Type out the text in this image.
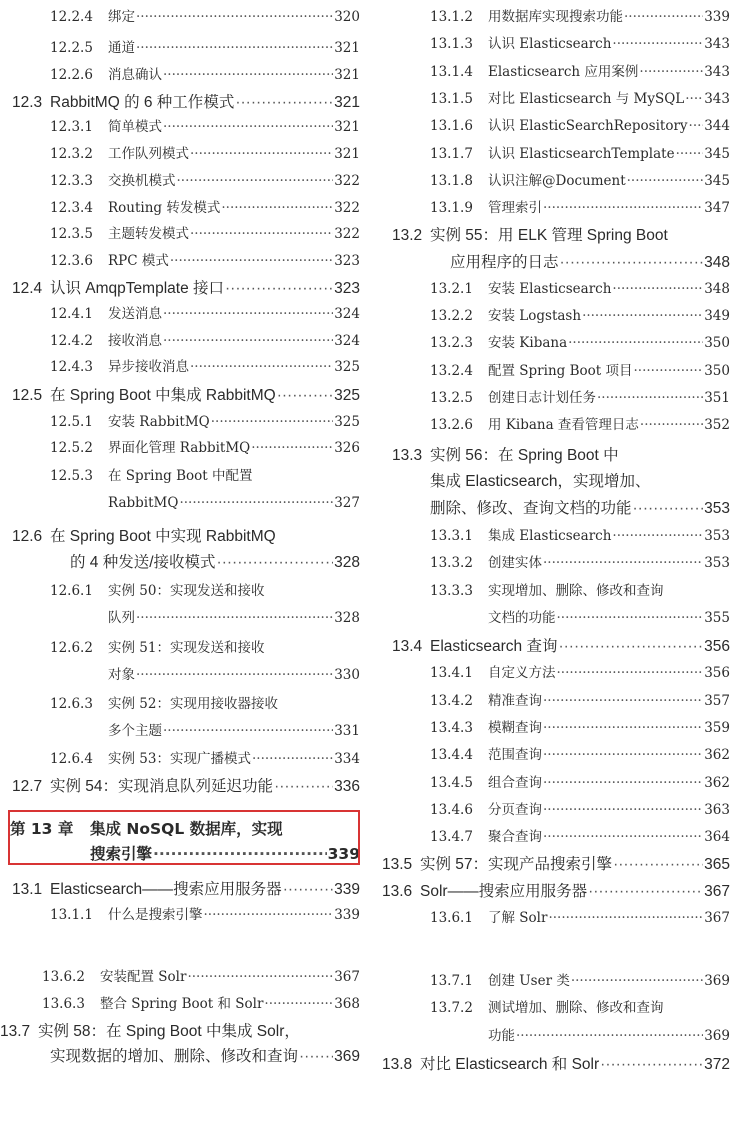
12.2.4	绑定 ·····	320
12.2.5	通道 ·····	321
12.2.6	消息确认 ·····	321
12.3 RabbitMQ 的 6 种工作模式 ·····	321
12.3.1	简单模式 ·····	321
12.3.2	工作队列模式 ·····	321
12.3.3	交换机模式 ·····	322
12.3.4	Routing 转发模式 ·····	322
12.3.5	主题转发模式 ·····	322
12.3.6	RPC 模式 ·····	323
12.4 认识 AmqpTemplate 接口 ·····	323
12.4.1	发送消息 ·····	324
12.4.2	接收消息 ·····	324
12.4.3	异步接收消息 ·····	325
12.5 在 Spring Boot 中集成 RabbitMQ ·····	325
12.5.1	安装 RabbitMQ ·····	325
12.5.2	界面化管理 RabbitMQ ·····	326
12.5.3	在 Spring Boot 中配置
RabbitMQ ·····	327
12.6 在 Spring Boot 中实现 RabbitMQ
的 4 种发送/接收模式 ·····	328
12.6.1	实例 50：实现发送和接收
队列 ·····	328
12.6.2	实例 51：实现发送和接收
对象 ·····	330
12.6.3	实例 52：实现用接收器接收
多个主题 ·····	331
12.6.4	实例 53：实现广播模式 ·····	334
12.7 实例 54：实现消息队列延迟功能 ·····	336
第 13 章	集成 NoSQL 数据库，实现
搜索引擎 ·····	339
13.1 Elasticsearch——搜索应用服务器 ·····	339
13.1.1	什么是搜索引擎 ·····	339
13.6.2	安装配置 Solr ·····	367
13.6.3	整合 Spring Boot 和 Solr ·····	368
13.7 实例 58：在 Sping Boot 中集成 Solr，
实现数据的增加、删除、修改和查询 ····· 369
13.1.2	用数据库实现搜索功能 ·····	339
13.1.3	认识 Elasticsearch ·····	343
13.1.4	Elasticsearch 应用案例 ·····	343
13.1.5	对比 Elasticsearch 与 MySQL ····· 343
13.1.6	认识 ElasticSearchRepository ····· 344
13.1.7	认识 ElasticsearchTemplate ····· 345
13.1.8	认识注解@Document ·····	345
13.1.9	管理索引 ·····	347
13.2 实例 55：用 ELK 管理 Spring Boot
应用程序的日志 ·····	348
13.2.1	安装 Elasticsearch ·····	348
13.2.2	安装 Logstash ·····	349
13.2.3	安装 Kibana ·····	350
13.2.4	配置 Spring Boot 项目 ·····	350
13.2.5	创建日志计划任务 ·····	351
13.2.6	用 Kibana 查看管理日志 ·····	352
13.3 实例 56：在 Spring Boot 中
集成 Elasticsearch，实现增加、
删除、修改、查询文档的功能 ·····	353
13.3.1	集成 Elasticsearch ·····	353
13.3.2	创建实体 ·····	353
13.3.3	实现增加、删除、修改和查询
文档的功能 ·····	355
13.4 Elasticsearch 查询 ·····	356
13.4.1	自定义方法 ·····	356
13.4.2	精准查询 ·····	357
13.4.3	模糊查询 ·····	359
13.4.4	范围查询 ·····	362
13.4.5	组合查询 ·····	362
13.4.6	分页查询 ·····	363
13.4.7	聚合查询 ·····	364
13.5 实例 57：实现产品搜索引擎 ·····	365
13.6 Solr——搜索应用服务器 ·····	367
13.6.1	了解 Solr ·····	367
13.7.1	创建 User 类 ·····	369
13.7.2	测试增加、删除、修改和查询
功能 ·····	369
13.8 对比 Elasticsearch 和 Solr ·····	372
